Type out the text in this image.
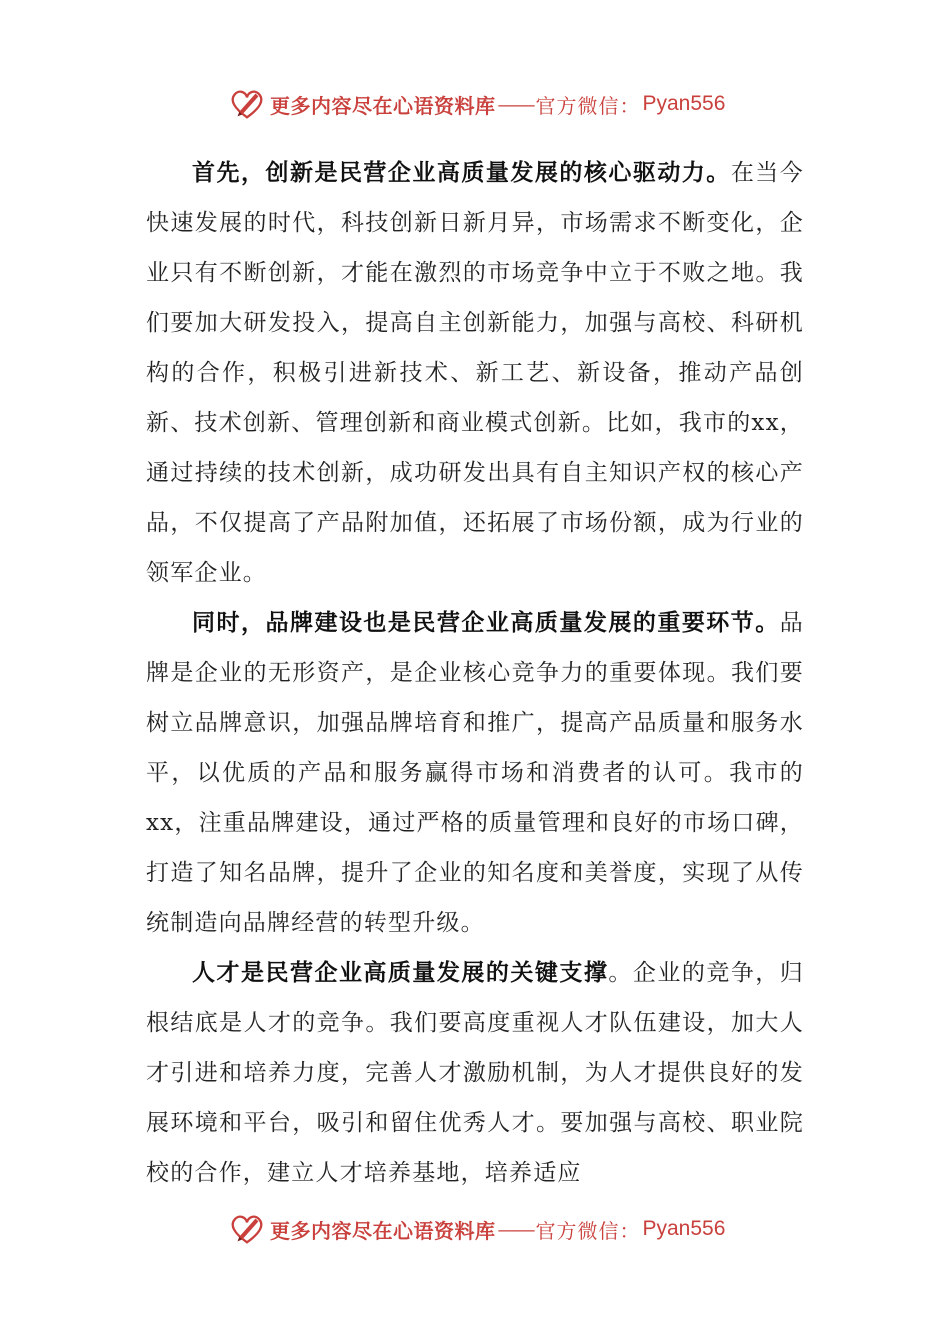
更多内容尽在心语资料库 —— 官方微信： Pyan556

首先，创新是民营企业高质量发展的核心驱动力。在当今快速发展的时代，科技创新日新月异，市场需求不断变化，企业只有不断创新，才能在激烈的市场竞争中立于不败之地。我们要加大研发投入，提高自主创新能力，加强与高校、科研机构的合作，积极引进新技术、新工艺、新设备，推动产品创新、技术创新、管理创新和商业模式创新。比如，我市的xx，通过持续的技术创新，成功研发出具有自主知识产权的核心产品，不仅提高了产品附加值，还拓展了市场份额，成为行业的领军企业。

同时，品牌建设也是民营企业高质量发展的重要环节。品牌是企业的无形资产，是企业核心竞争力的重要体现。我们要树立品牌意识，加强品牌培育和推广，提高产品质量和服务水平，以优质的产品和服务赢得市场和消费者的认可。我市的xx，注重品牌建设，通过严格的质量管理和良好的市场口碑，打造了知名品牌，提升了企业的知名度和美誉度，实现了从传统制造向品牌经营的转型升级。

人才是民营企业高质量发展的关键支撑。企业的竞争，归根结底是人才的竞争。我们要高度重视人才队伍建设，加大人才引进和培养力度，完善人才激励机制，为人才提供良好的发展环境和平台，吸引和留住优秀人才。要加强与高校、职业院校的合作，建立人才培养基地，培养适应

更多内容尽在心语资料库 —— 官方微信： Pyan556
